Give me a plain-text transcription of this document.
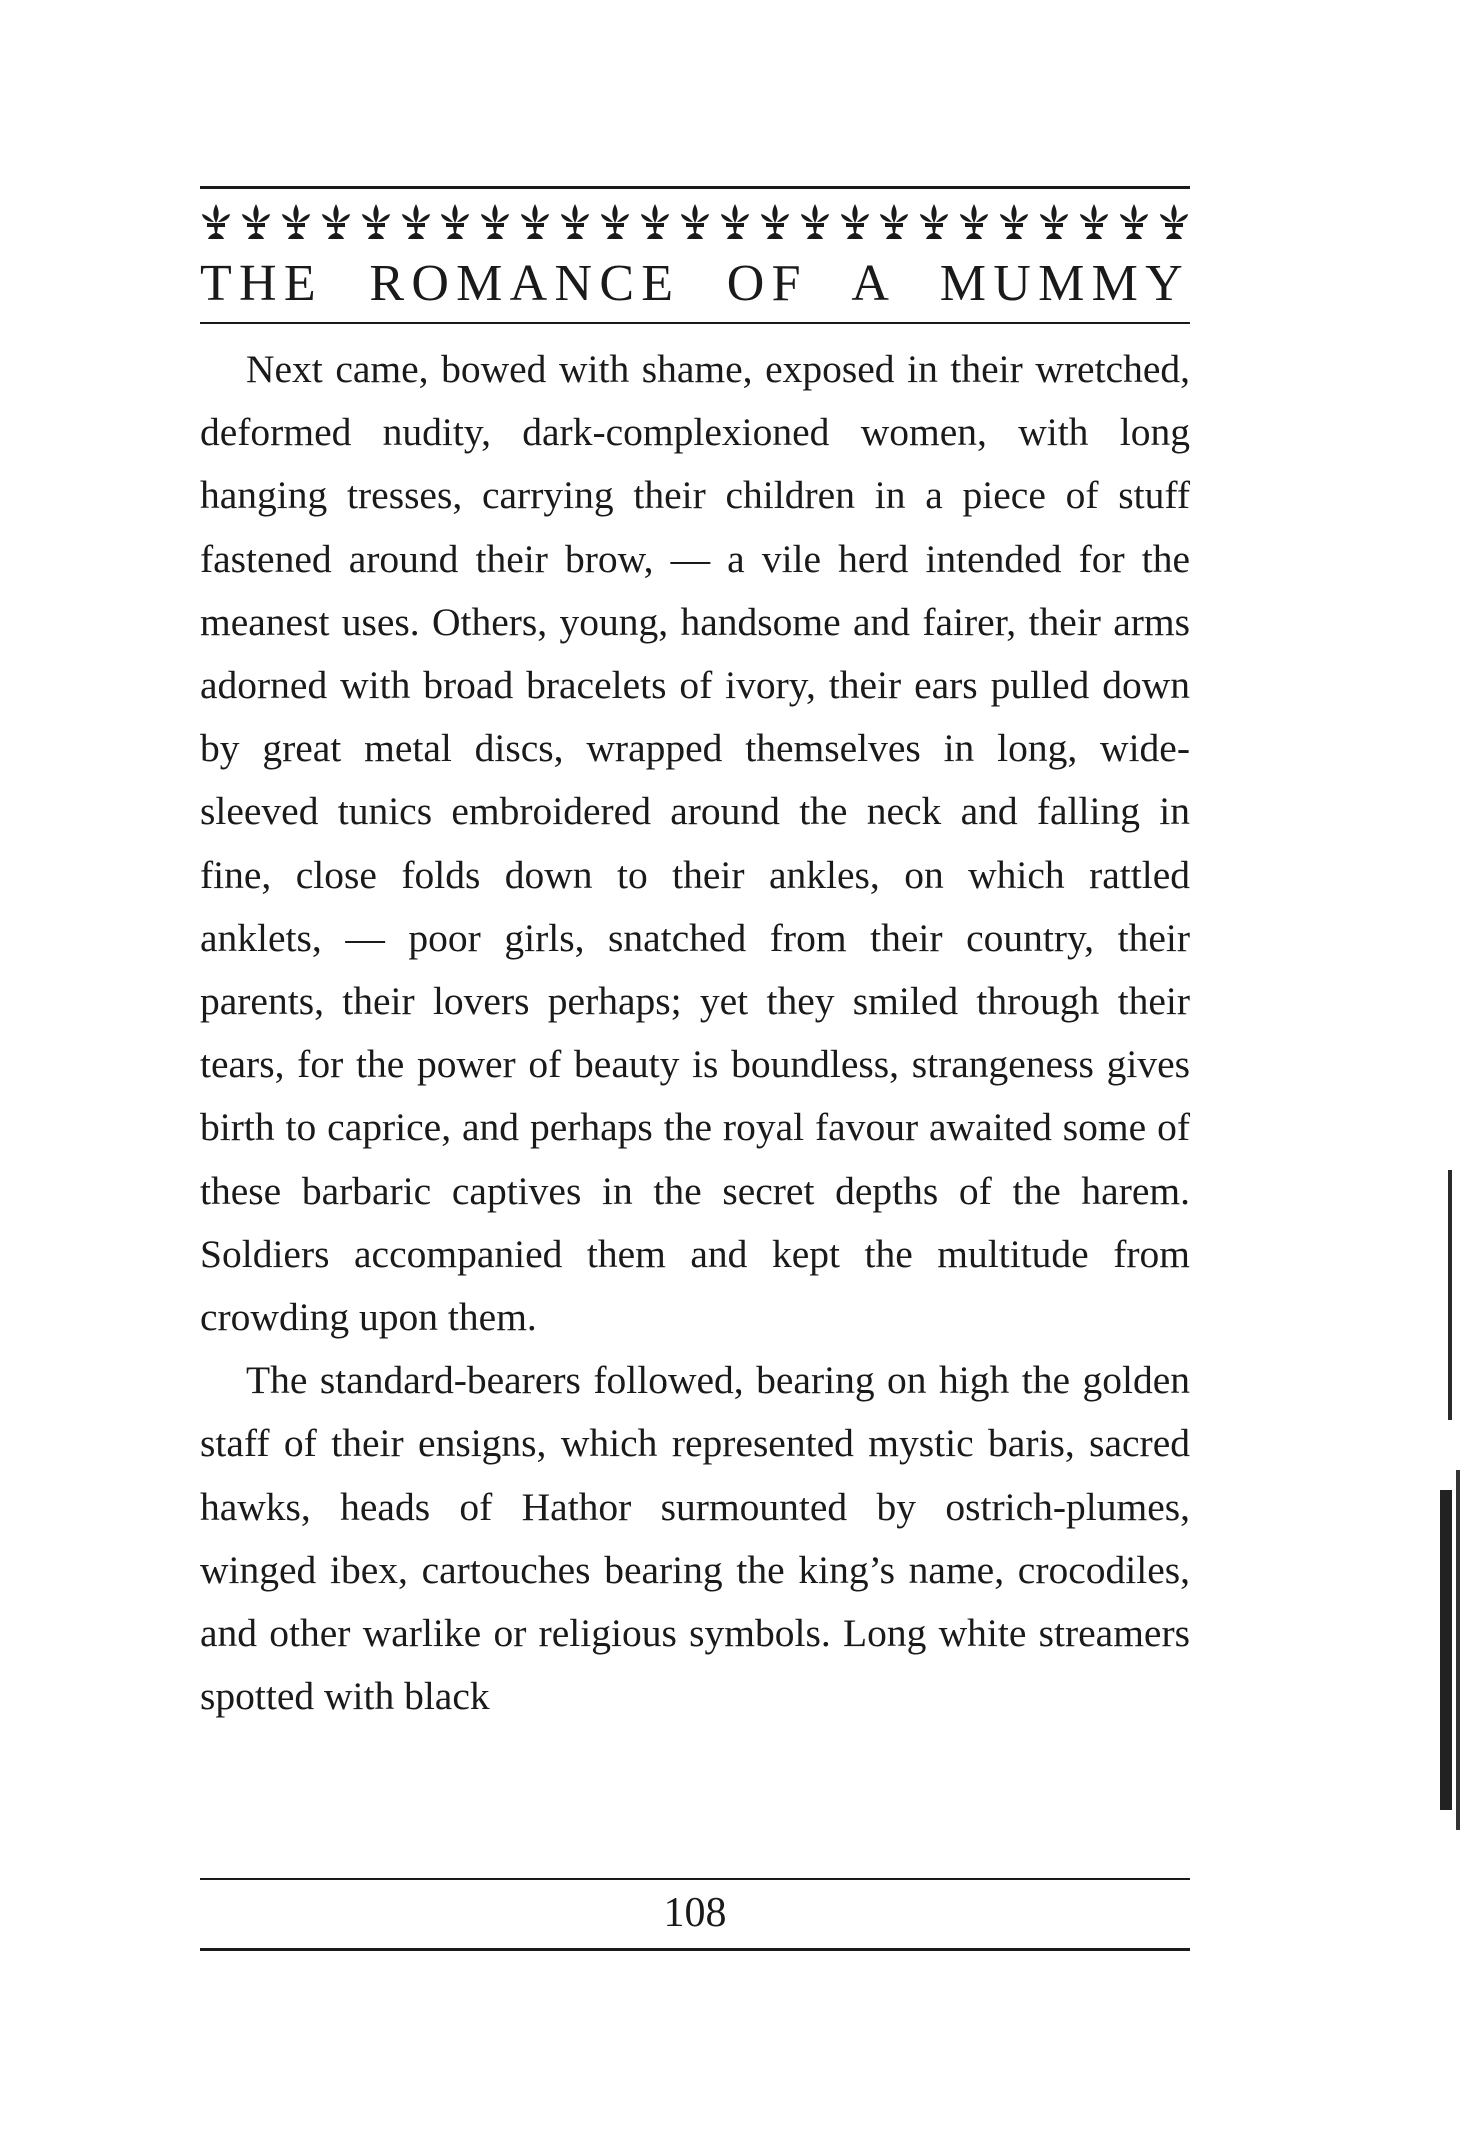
THE ROMANCE OF A MUMMY

Next came, bowed with shame, exposed in their wretched, deformed nudity, dark-complexioned women, with long hanging tresses, carrying their children in a piece of stuff fastened around their brow, — a vile herd intended for the meanest uses. Others, young, handsome and fairer, their arms adorned with broad bracelets of ivory, their ears pulled down by great metal discs, wrapped themselves in long, wide-sleeved tunics embroidered around the neck and falling in fine, close folds down to their ankles, on which rattled anklets, — poor girls, snatched from their country, their parents, their lovers perhaps; yet they smiled through their tears, for the power of beauty is boundless, strangeness gives birth to caprice, and perhaps the royal favour awaited some of these barbaric captives in the secret depths of the harem. Soldiers accompanied them and kept the multitude from crowding upon them.

The standard-bearers followed, bearing on high the golden staff of their ensigns, which represented mystic baris, sacred hawks, heads of Hathor surmounted by ostrich-plumes, winged ibex, cartouches bearing the king’s name, crocodiles, and other warlike or religious symbols. Long white streamers spotted with black

108
